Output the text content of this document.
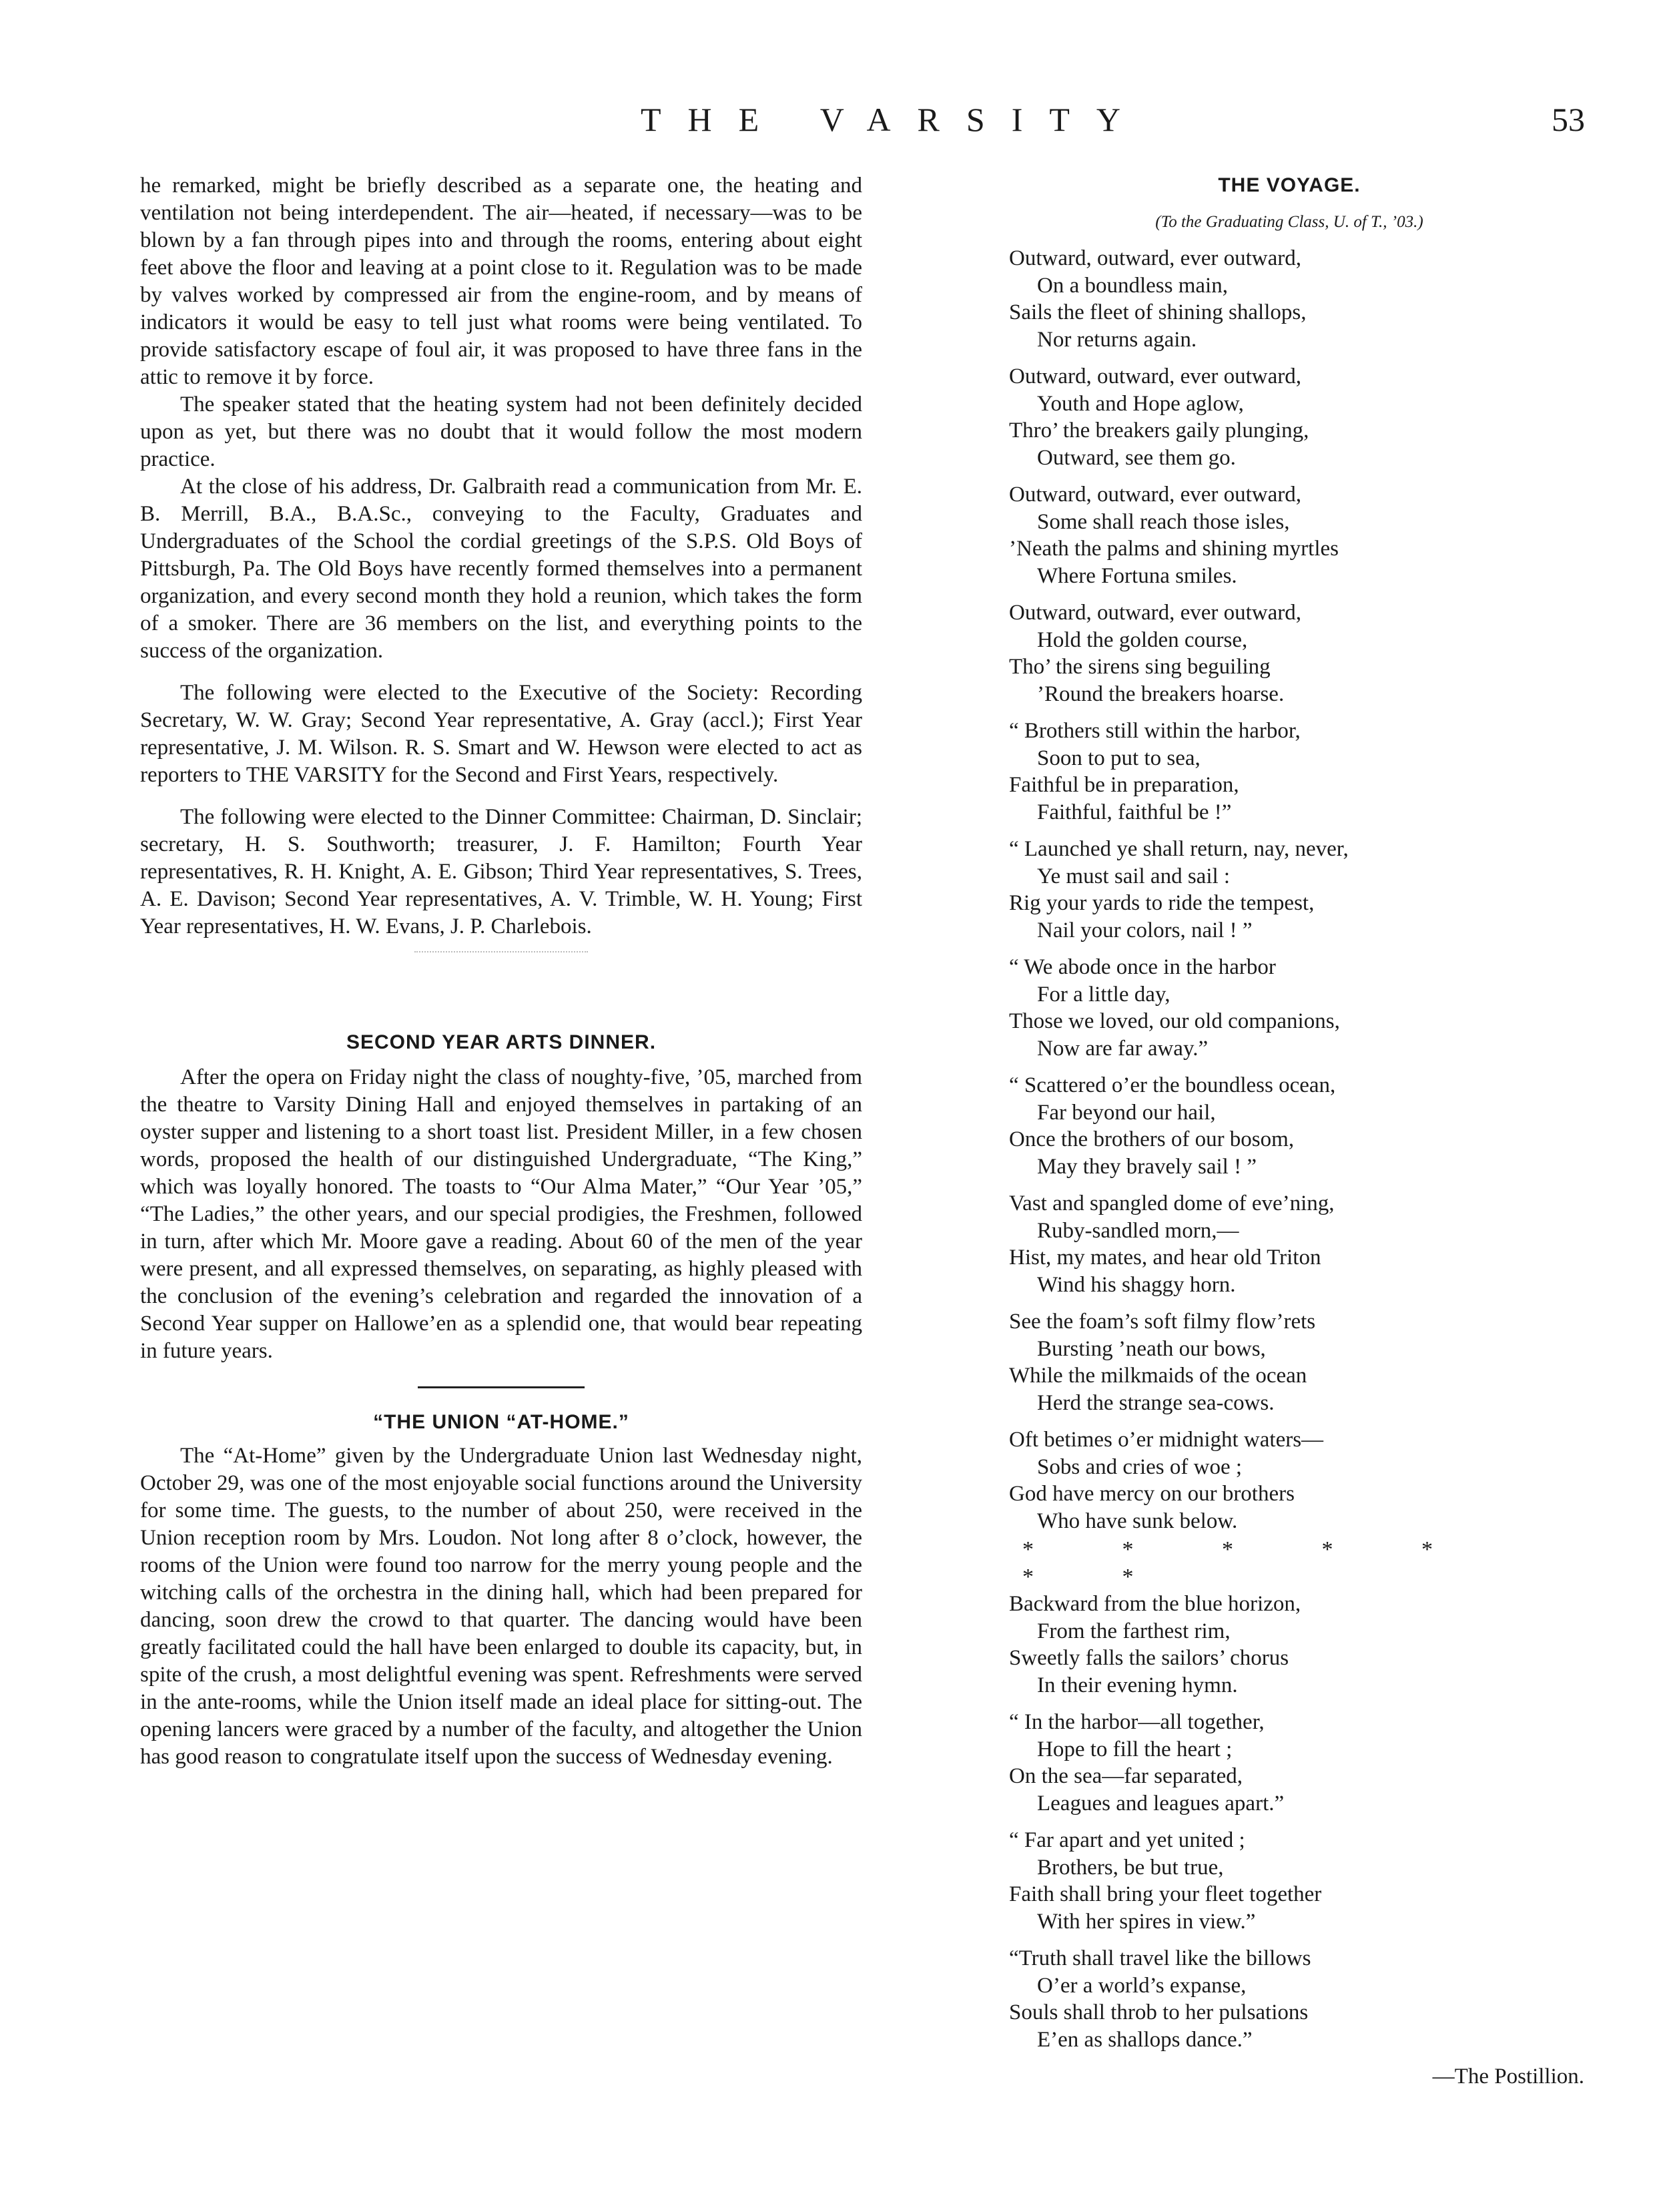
THE VARSITY	53

he remarked, might be briefly described as a separate one, the heating and ventilation not being interdependent. The air—heated, if necessary—was to be blown by a fan through pipes into and through the rooms, entering about eight feet above the floor and leaving at a point close to it. Regulation was to be made by valves worked by compressed air from the engine-room, and by means of indicators it would be easy to tell just what rooms were being ventilated. To provide satisfactory escape of foul air, it was proposed to have three fans in the attic to remove it by force.

The speaker stated that the heating system had not been definitely decided upon as yet, but there was no doubt that it would follow the most modern practice.

At the close of his address, Dr. Galbraith read a communication from Mr. E. B. Merrill, B.A., B.A.Sc., conveying to the Faculty, Graduates and Undergraduates of the School the cordial greetings of the S.P.S. Old Boys of Pittsburgh, Pa. The Old Boys have recently formed themselves into a permanent organization, and every second month they hold a reunion, which takes the form of a smoker. There are 36 members on the list, and everything points to the success of the organization.

The following were elected to the Executive of the Society: Recording Secretary, W. W. Gray; Second Year representative, A. Gray (accl.); First Year representative, J. M. Wilson. R. S. Smart and W. Hewson were elected to act as reporters to THE VARSITY for the Second and First Years, respectively.

The following were elected to the Dinner Committee: Chairman, D. Sinclair; secretary, H. S. Southworth; treasurer, J. F. Hamilton; Fourth Year representatives, R. H. Knight, A. E. Gibson; Third Year representatives, S. Trees, A. E. Davison; Second Year representatives, A. V. Trimble, W. H. Young; First Year representatives, H. W. Evans, J. P. Charlebois.

SECOND YEAR ARTS DINNER.

After the opera on Friday night the class of noughty-five, ’05, marched from the theatre to Varsity Dining Hall and enjoyed themselves in partaking of an oyster supper and listening to a short toast list. President Miller, in a few chosen words, proposed the health of our distinguished Undergraduate, “The King,” which was loyally honored. The toasts to “Our Alma Mater,” “Our Year ’05,” “The Ladies,” the other years, and our special prodigies, the Freshmen, followed in turn, after which Mr. Moore gave a reading. About 60 of the men of the year were present, and all expressed themselves, on separating, as highly pleased with the conclusion of the evening’s celebration and regarded the innovation of a Second Year supper on Hallowe’en as a splendid one, that would bear repeating in future years.

“THE UNION “AT-HOME.”

The “At-Home” given by the Undergraduate Union last Wednesday night, October 29, was one of the most enjoyable social functions around the University for some time. The guests, to the number of about 250, were received in the Union reception room by Mrs. Loudon. Not long after 8 o’clock, however, the rooms of the Union were found too narrow for the merry young people and the witching calls of the orchestra in the dining hall, which had been prepared for dancing, soon drew the crowd to that quarter. The dancing would have been greatly facilitated could the hall have been enlarged to double its capacity, but, in spite of the crush, a most delightful evening was spent. Refreshments were served in the ante-rooms, while the Union itself made an ideal place for sitting-out. The opening lancers were graced by a number of the faculty, and altogether the Union has good reason to congratulate itself upon the success of Wednesday evening.

THE VOYAGE.
(To the Graduating Class, U. of T., ’03.)
Outward, outward, ever outward,
On a boundless main,
Sails the fleet of shining shallops,
Nor returns again.
Outward, outward, ever outward,
Youth and Hope aglow,
Thro’ the breakers gaily plunging,
Outward, see them go.
Outward, outward, ever outward,
Some shall reach those isles,
’Neath the palms and shining myrtles
Where Fortuna smiles.
Outward, outward, ever outward,
Hold the golden course,
Tho’ the sirens sing beguiling
’Round the breakers hoarse.
“ Brothers still within the harbor,
Soon to put to sea,
Faithful be in preparation,
Faithful, faithful be !”
“ Launched ye shall return, nay, never,
Ye must sail and sail :
Rig your yards to ride the tempest,
Nail your colors, nail ! ”
“ We abode once in the harbor
For a little day,
Those we loved, our old companions,
Now are far away.”
“ Scattered o’er the boundless ocean,
Far beyond our hail,
Once the brothers of our bosom,
May they bravely sail ! ”
Vast and spangled dome of eve’ning,
Ruby-sandled morn,—
Hist, my mates, and hear old Triton
Wind his shaggy horn.
See the foam’s soft filmy flow’rets
Bursting ’neath our bows,
While the milkmaids of the ocean
Herd the strange sea-cows.
Oft betimes o’er midnight waters—
Sobs and cries of woe ;
God have mercy on our brothers
Who have sunk below.
* * * * * * *
Backward from the blue horizon,
From the farthest rim,
Sweetly falls the sailors’ chorus
In their evening hymn.
“ In the harbor—all together,
Hope to fill the heart ;
On the sea—far separated,
Leagues and leagues apart.”
“ Far apart and yet united ;
Brothers, be but true,
Faith shall bring your fleet together
With her spires in view.”
“Truth shall travel like the billows
O’er a world’s expanse,
Souls shall throb to her pulsations
E’en as shallops dance.”
—The Postillion.
